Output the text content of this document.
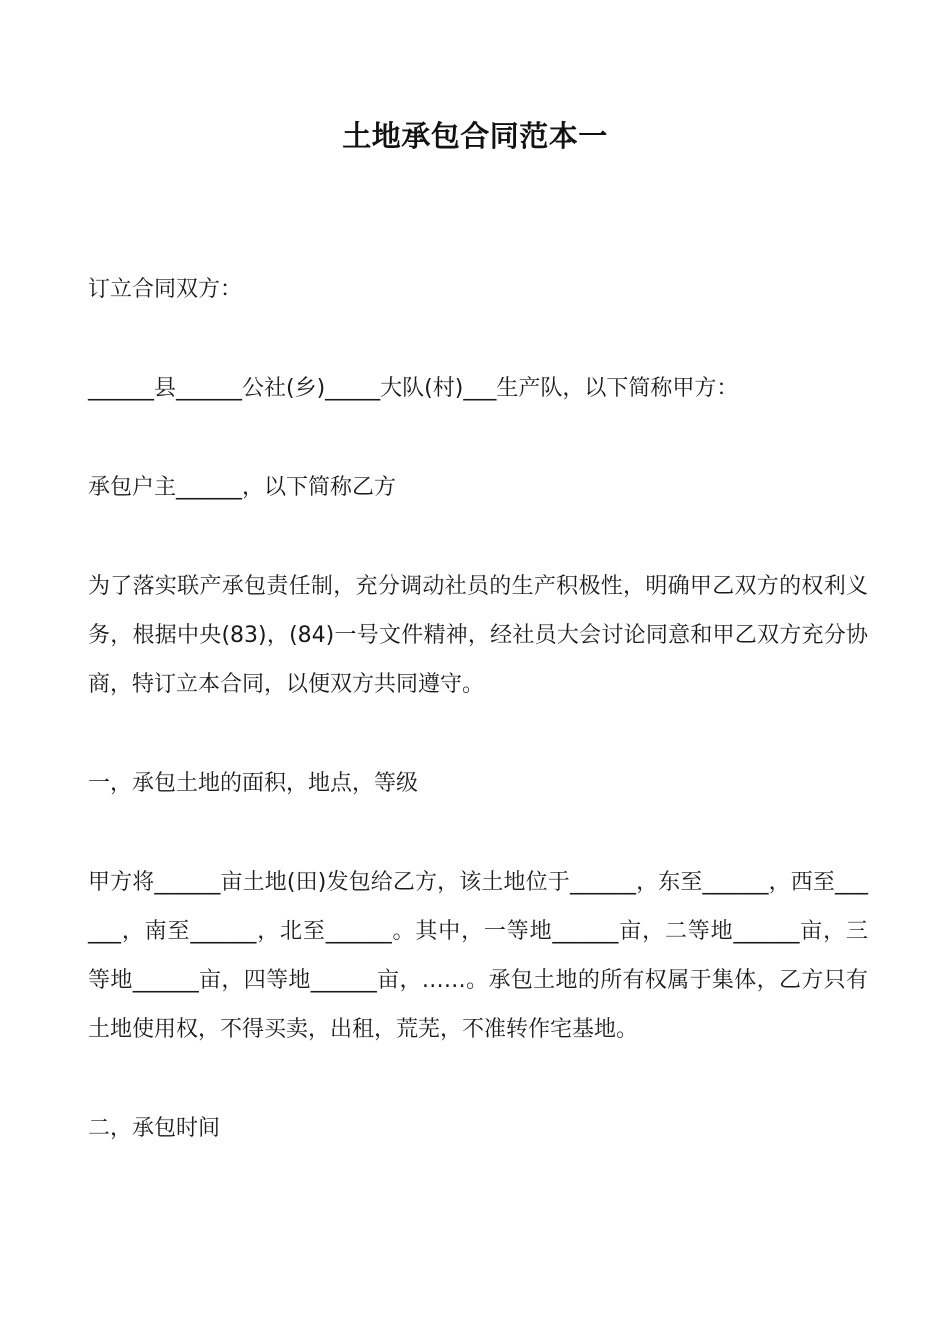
土地承包合同范本一

订立合同双方：

______县______公社(乡)_____大队(村)___生产队，以下简称甲方：

承包户主______，以下简称乙方

为了落实联产承包责任制，充分调动社员的生产积极性，明确甲乙双方的权利义务，根据中央(83)，(84)一号文件精神，经社员大会讨论同意和甲乙双方充分协商，特订立本合同，以便双方共同遵守。

一，承包土地的面积，地点，等级

甲方将______亩土地(田)发包给乙方，该土地位于______，东至______，西至______，南至______，北至______。其中，一等地______亩，二等地______亩，三等地______亩，四等地______亩，……。承包土地的所有权属于集体，乙方只有土地使用权，不得买卖，出租，荒芜，不准转作宅基地。

二，承包时间
